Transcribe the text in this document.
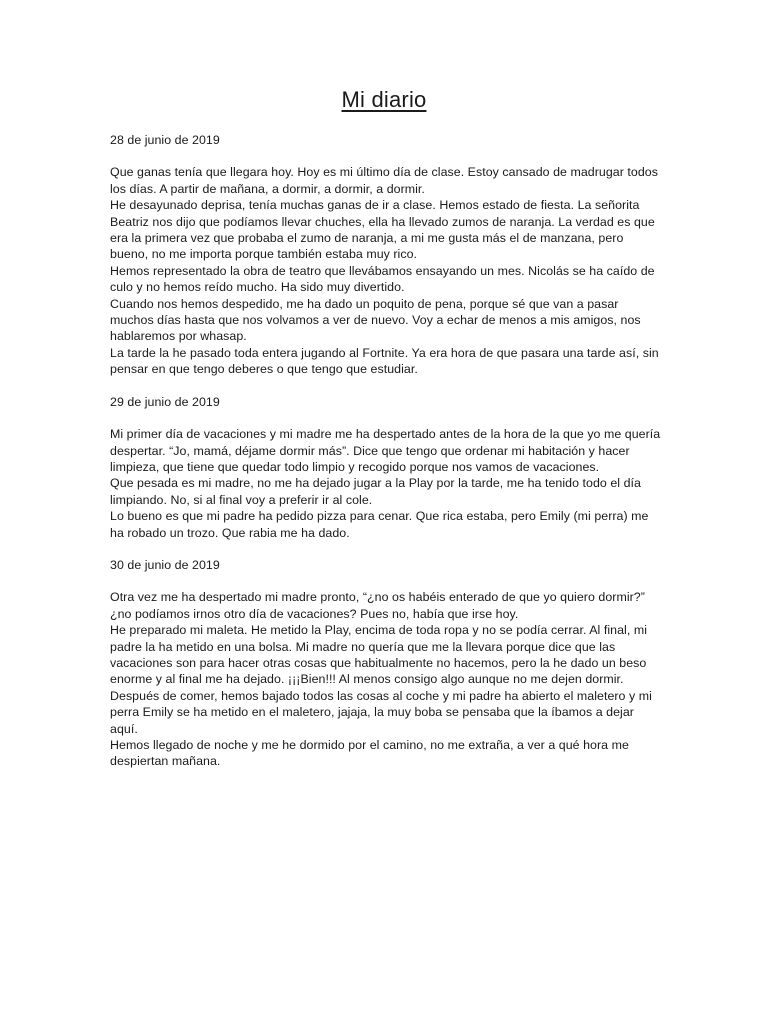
Mi diario

28 de junio de 2019

Que ganas tenía que llegara hoy. Hoy es mi último día de clase. Estoy cansado de madrugar todos los días. A partir de mañana, a dormir, a dormir, a dormir.

He desayunado deprisa, tenía muchas ganas de ir a clase. Hemos estado de fiesta. La señorita Beatriz nos dijo que podíamos llevar chuches, ella ha llevado zumos de naranja. La verdad es que era la primera vez que probaba el zumo de naranja, a mi me gusta más el de manzana, pero bueno, no me importa porque también estaba muy rico.

Hemos representado la obra de teatro que llevábamos ensayando un mes. Nicolás se ha caído de culo y no hemos reído mucho. Ha sido muy divertido.

Cuando nos hemos despedido, me ha dado un poquito de pena, porque sé que van a pasar muchos días hasta que nos volvamos a ver de nuevo. Voy a echar de menos a mis amigos, nos hablaremos por whasap.

La tarde la he pasado toda entera jugando al Fortnite. Ya era hora de que pasara una tarde así, sin pensar en que tengo deberes o que tengo que estudiar.

29 de junio de 2019

Mi primer día de vacaciones y mi madre me ha despertado antes de la hora de la que yo me quería despertar. “Jo, mamá, déjame dormir más”. Dice que tengo que ordenar mi habitación y hacer limpieza, que tiene que quedar todo limpio y recogido porque nos vamos de vacaciones.

Que pesada es mi madre, no me ha dejado jugar a la Play por la tarde, me ha tenido todo el día limpiando. No, si al final voy a preferir ir al cole.

Lo bueno es que mi padre ha pedido pizza para cenar. Que rica estaba, pero Emily (mi perra) me ha robado un trozo. Que rabia me ha dado.

30 de junio de 2019

Otra vez me ha despertado mi madre pronto, “¿no os habéis enterado de que yo quiero dormir?” ¿no podíamos irnos otro día de vacaciones? Pues no, había que irse hoy.

He preparado mi maleta. He metido la Play, encima de toda ropa y no se podía cerrar. Al final, mi padre la ha metido en una bolsa. Mi madre no quería que me la llevara porque dice que las vacaciones son para hacer otras cosas que habitualmente no hacemos, pero la he dado un beso enorme y al final me ha dejado. ¡¡¡Bien!!! Al menos consigo algo aunque no me dejen dormir.

Después de comer, hemos bajado todos las cosas al coche y mi padre ha abierto el maletero y mi perra Emily se ha metido en el maletero, jajaja, la muy boba se pensaba que la íbamos a dejar aquí.

Hemos llegado de noche y me he dormido por el camino, no me extraña, a ver a qué hora me despiertan mañana.
